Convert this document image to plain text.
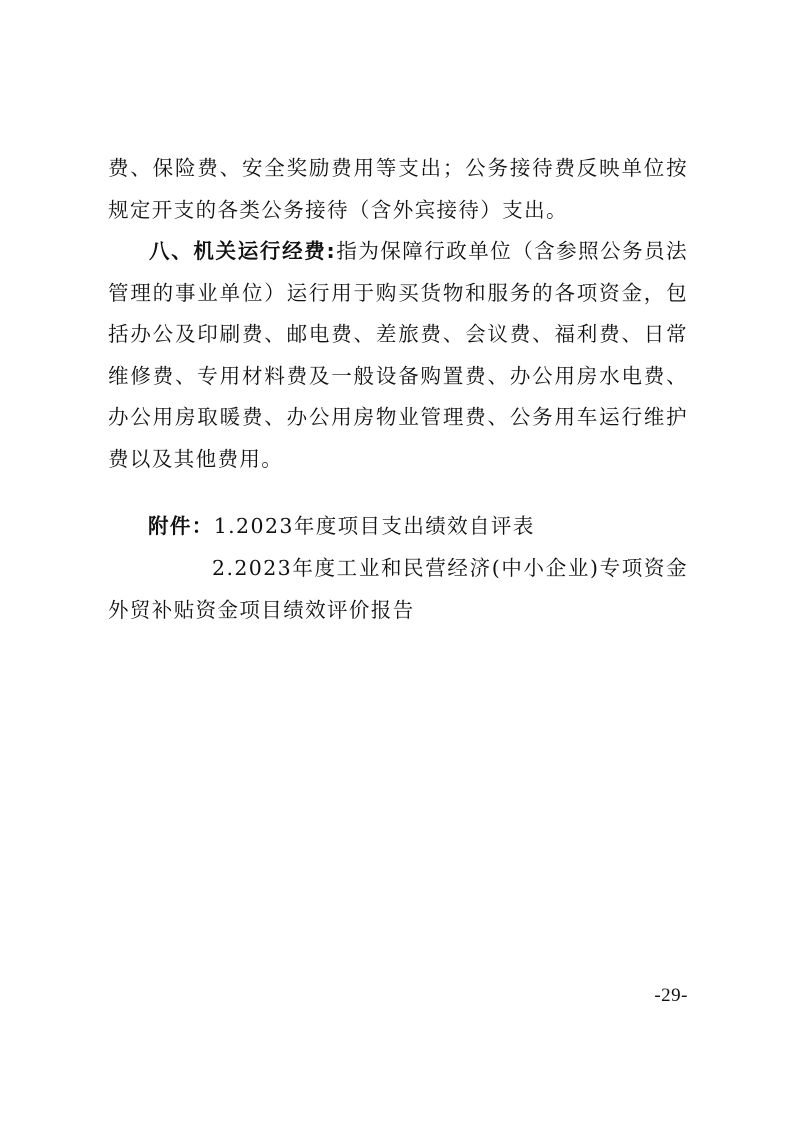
费、保险费、安全奖励费用等支出；公务接待费反映单位按规定开支的各类公务接待（含外宾接待）支出。

八、机关运行经费:指为保障行政单位（含参照公务员法管理的事业单位）运行用于购买货物和服务的各项资金，包括办公及印刷费、邮电费、差旅费、会议费、福利费、日常维修费、专用材料费及一般设备购置费、办公用房水电费、办公用房取暖费、办公用房物业管理费、公务用车运行维护费以及其他费用。

附件：1.2023年度项目支出绩效自评表

2.2023年度工业和民营经济(中小企业)专项资金外贸补贴资金项目绩效评价报告

-29-
